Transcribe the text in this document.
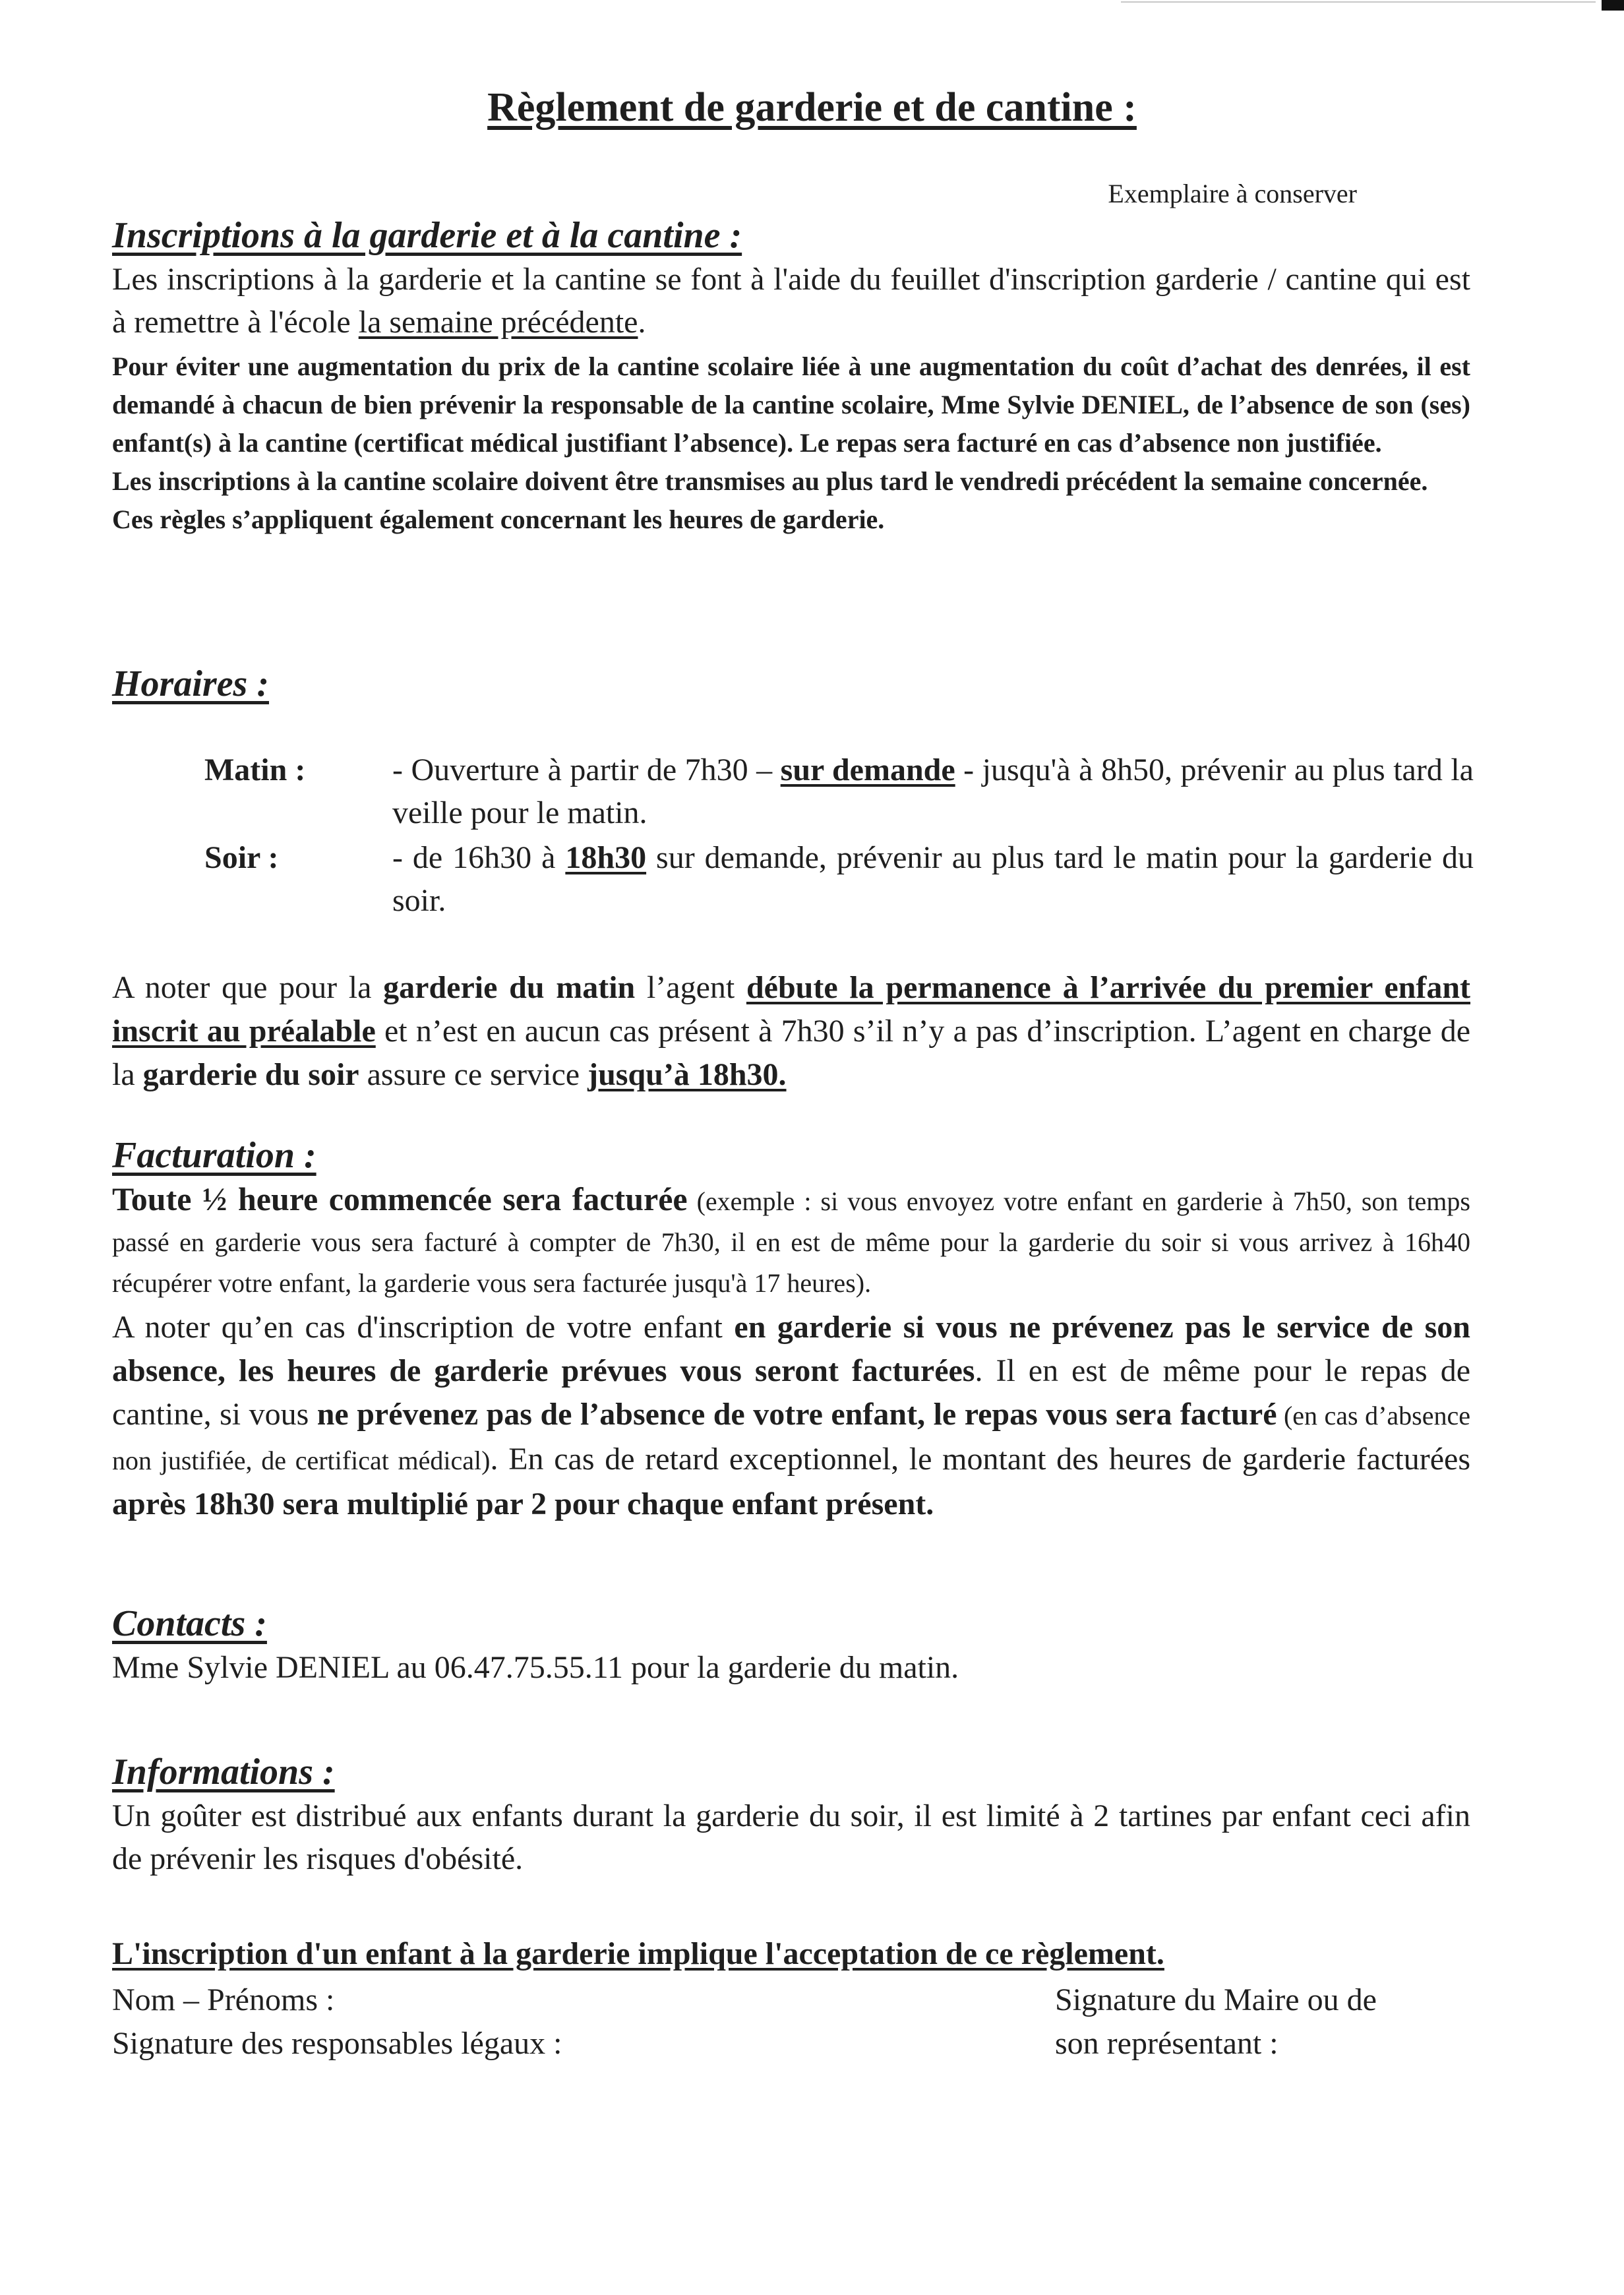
Règlement de garderie et de cantine :
Exemplaire à conserver
Inscriptions à la garderie et à la cantine :

Les inscriptions à la garderie et la cantine se font à l'aide du feuillet d'inscription garderie / cantine qui est à remettre à l'école la semaine précédente.

Pour éviter une augmentation du prix de la cantine scolaire liée à une augmentation du coût d’achat des denrées, il est demandé à chacun de bien prévenir la responsable de la cantine scolaire, Mme Sylvie DENIEL, de l’absence de son (ses) enfant(s) à la cantine (certificat médical justifiant l’absence). Le repas sera facturé en cas d’absence non justifiée.

Les inscriptions à la cantine scolaire doivent être transmises au plus tard le vendredi précédent la semaine concernée.

Ces règles s’appliquent également concernant les heures de garderie.

Horaires :
Matin :	- Ouverture à partir de 7h30 – sur demande - jusqu'à à 8h50, prévenir au plus tard la veille pour le matin.
Soir :	- de 16h30 à 18h30 sur demande, prévenir au plus tard le matin pour la garderie du soir.

A noter que pour la garderie du matin l’agent débute la permanence à l’arrivée du premier enfant inscrit au préalable et n’est en aucun cas présent à 7h30 s’il n’y a pas d’inscription. L’agent en charge de la garderie du soir assure ce service jusqu’à 18h30.

Facturation :

Toute ½ heure commencée sera facturée (exemple : si vous envoyez votre enfant en garderie à 7h50, son temps passé en garderie vous sera facturé à compter de 7h30, il en est de même pour la garderie du soir si vous arrivez à 16h40 récupérer votre enfant, la garderie vous sera facturée jusqu'à 17 heures).

A noter qu’en cas d'inscription de votre enfant en garderie si vous ne prévenez pas le service de son absence, les heures de garderie prévues vous seront facturées. Il en est de même pour le repas de cantine, si vous ne prévenez pas de l’absence de votre enfant, le repas vous sera facturé (en cas d’absence non justifiée, de certificat médical). En cas de retard exceptionnel, le montant des heures de garderie facturées après 18h30 sera multiplié par 2 pour chaque enfant présent.

Contacts :

Mme Sylvie DENIEL au 06.47.75.55.11 pour la garderie du matin.

Informations :

Un goûter est distribué aux enfants durant la garderie du soir, il est limité à 2 tartines par enfant ceci afin de prévenir les risques d'obésité.

L'inscription d'un enfant à la garderie implique l'acceptation de ce règlement.

Nom – Prénoms :
Signature des responsables légaux :
Signature du Maire ou de
son représentant :
